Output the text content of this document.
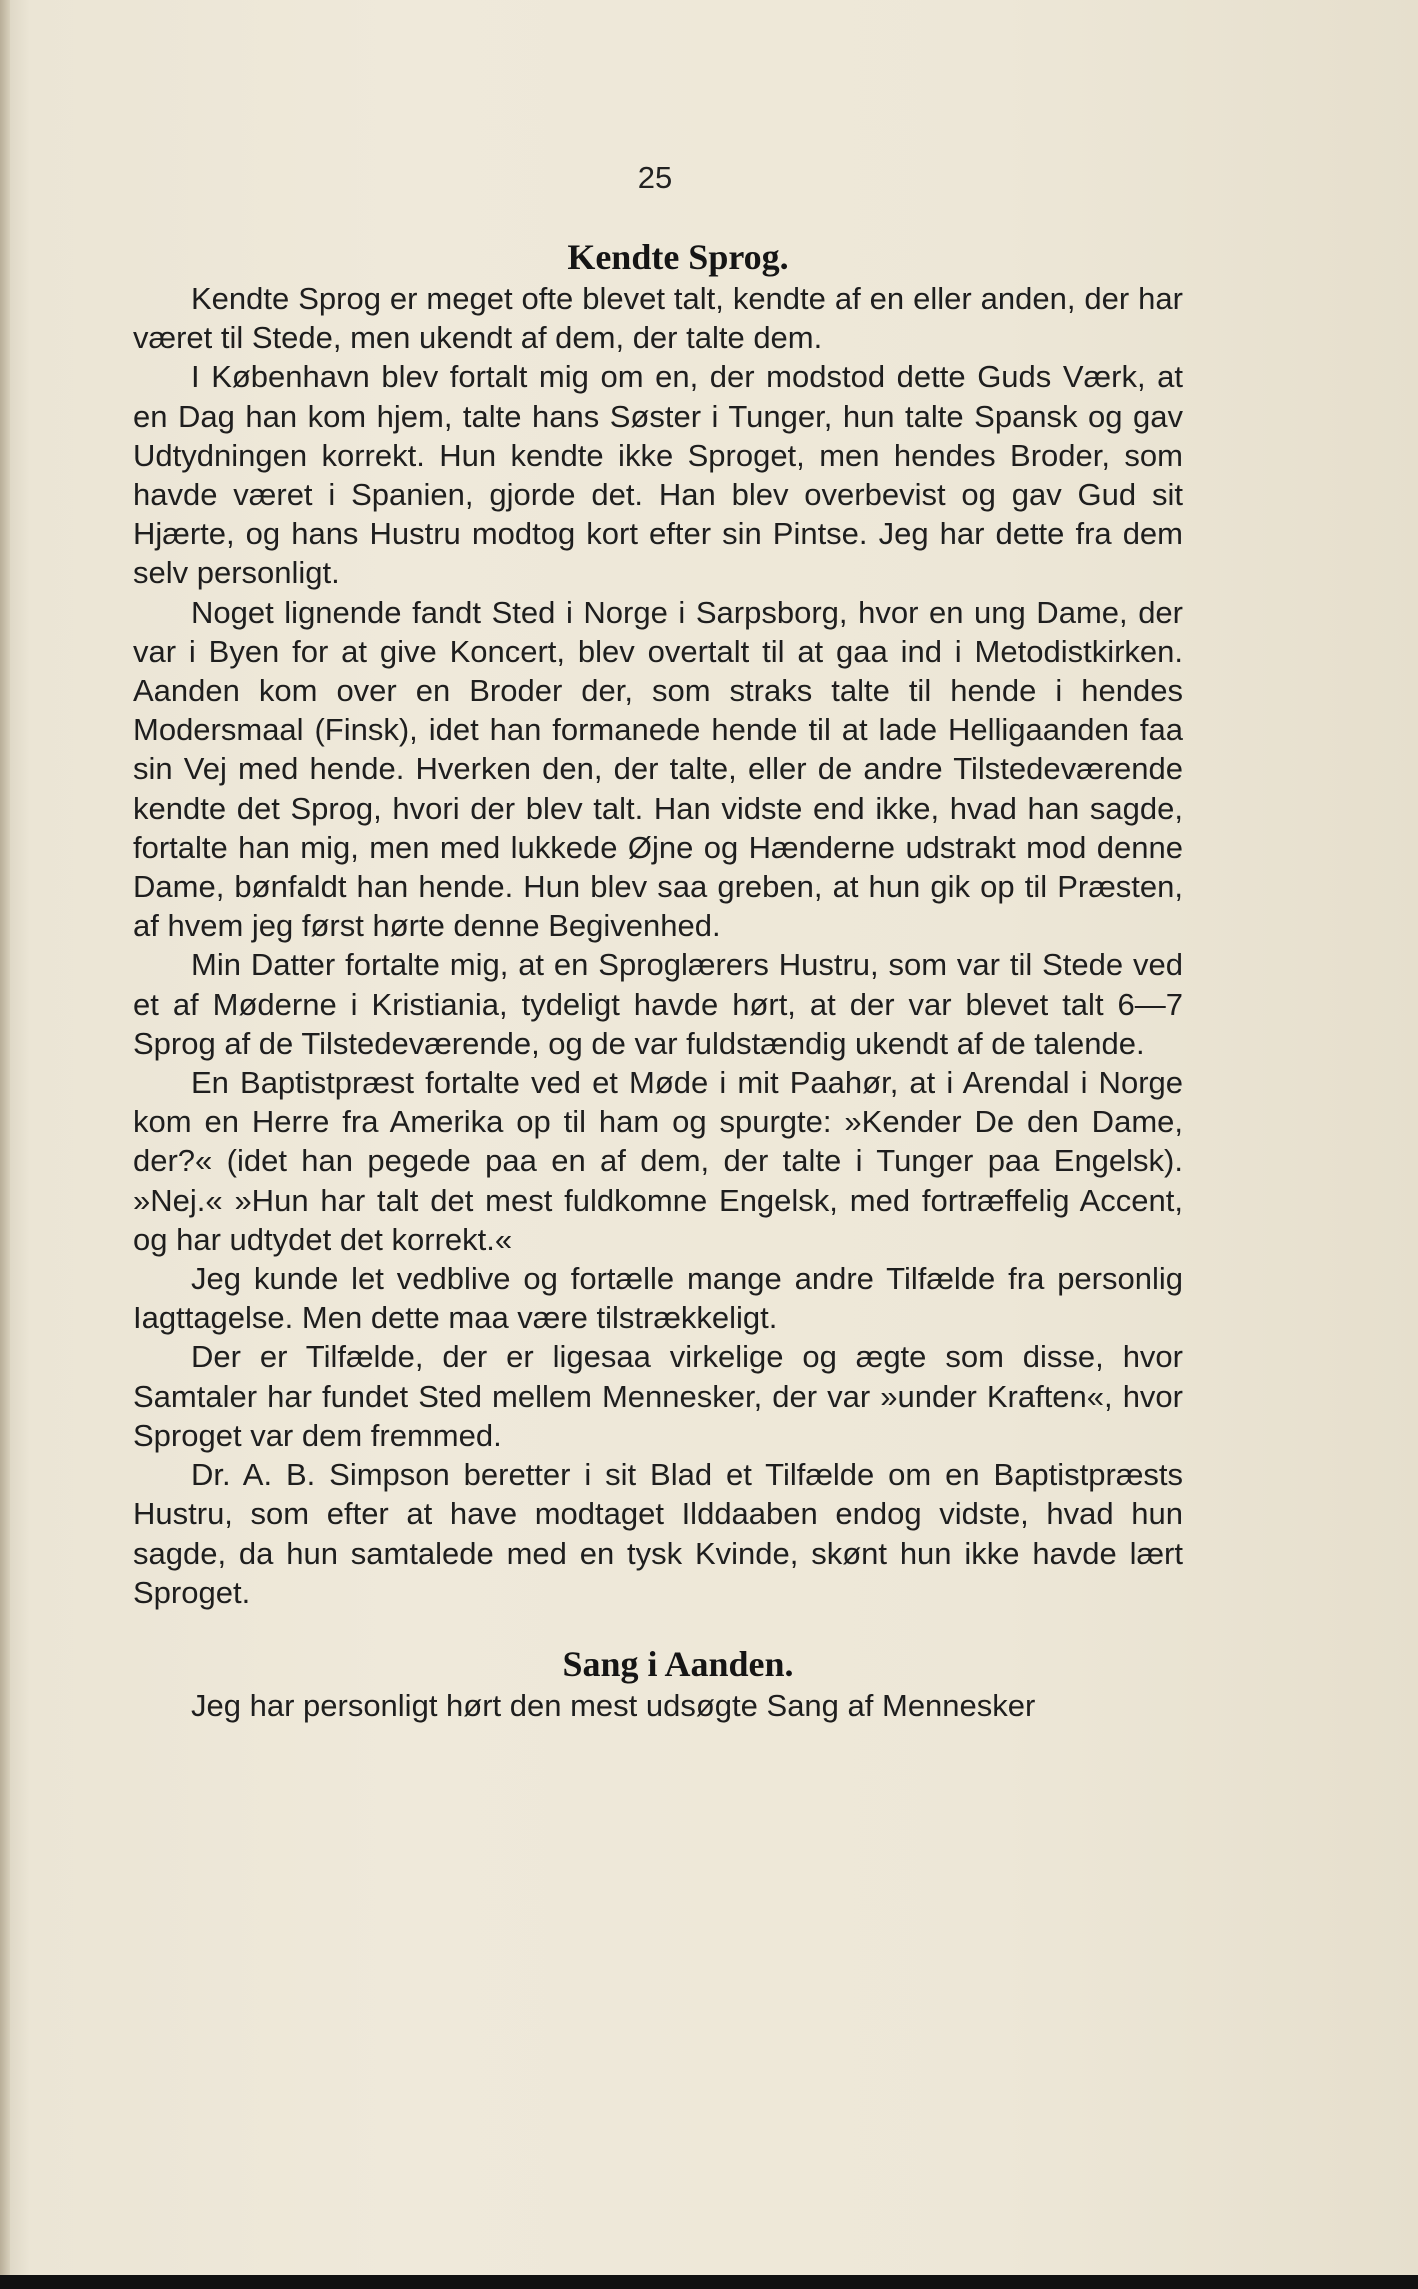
25
Kendte Sprog.

Kendte Sprog er meget ofte blevet talt, kendte af en eller anden, der har været til Stede, men ukendt af dem, der talte dem.

I København blev fortalt mig om en, der modstod dette Guds Værk, at en Dag han kom hjem, talte hans Søster i Tunger, hun talte Spansk og gav Udtydningen korrekt. Hun kendte ikke Sproget, men hendes Broder, som havde været i Spanien, gjorde det. Han blev overbevist og gav Gud sit Hjærte, og hans Hustru modtog kort efter sin Pintse. Jeg har dette fra dem selv personligt.

Noget lignende fandt Sted i Norge i Sarpsborg, hvor en ung Dame, der var i Byen for at give Koncert, blev overtalt til at gaa ind i Metodistkirken. Aanden kom over en Broder der, som straks talte til hende i hendes Modersmaal (Finsk), idet han formanede hende til at lade Helligaanden faa sin Vej med hende. Hverken den, der talte, eller de andre Tilstedeværende kendte det Sprog, hvori der blev talt. Han vidste end ikke, hvad han sagde, fortalte han mig, men med lukkede Øjne og Hænderne udstrakt mod denne Dame, bønfaldt han hende. Hun blev saa greben, at hun gik op til Præsten, af hvem jeg først hørte denne Begivenhed.

Min Datter fortalte mig, at en Sproglærers Hustru, som var til Stede ved et af Møderne i Kristiania, tydeligt havde hørt, at der var blevet talt 6—7 Sprog af de Tilstedeværende, og de var fuldstændig ukendt af de talende.

En Baptistpræst fortalte ved et Møde i mit Paahør, at i Arendal i Norge kom en Herre fra Amerika op til ham og spurgte: »Kender De den Dame, der?« (idet han pegede paa en af dem, der talte i Tunger paa Engelsk). »Nej.« »Hun har talt det mest fuldkomne Engelsk, med fortræffelig Accent, og har udtydet det korrekt.«

Jeg kunde let vedblive og fortælle mange andre Tilfælde fra personlig Iagttagelse. Men dette maa være tilstrækkeligt.

Der er Tilfælde, der er ligesaa virkelige og ægte som disse, hvor Samtaler har fundet Sted mellem Mennesker, der var »under Kraften«, hvor Sproget var dem fremmed.

Dr. A. B. Simpson beretter i sit Blad et Tilfælde om en Baptistpræsts Hustru, som efter at have modtaget Ilddaaben endog vidste, hvad hun sagde, da hun samtalede med en tysk Kvinde, skønt hun ikke havde lært Sproget.

Sang i Aanden.

Jeg har personligt hørt den mest udsøgte Sang af Mennesker
